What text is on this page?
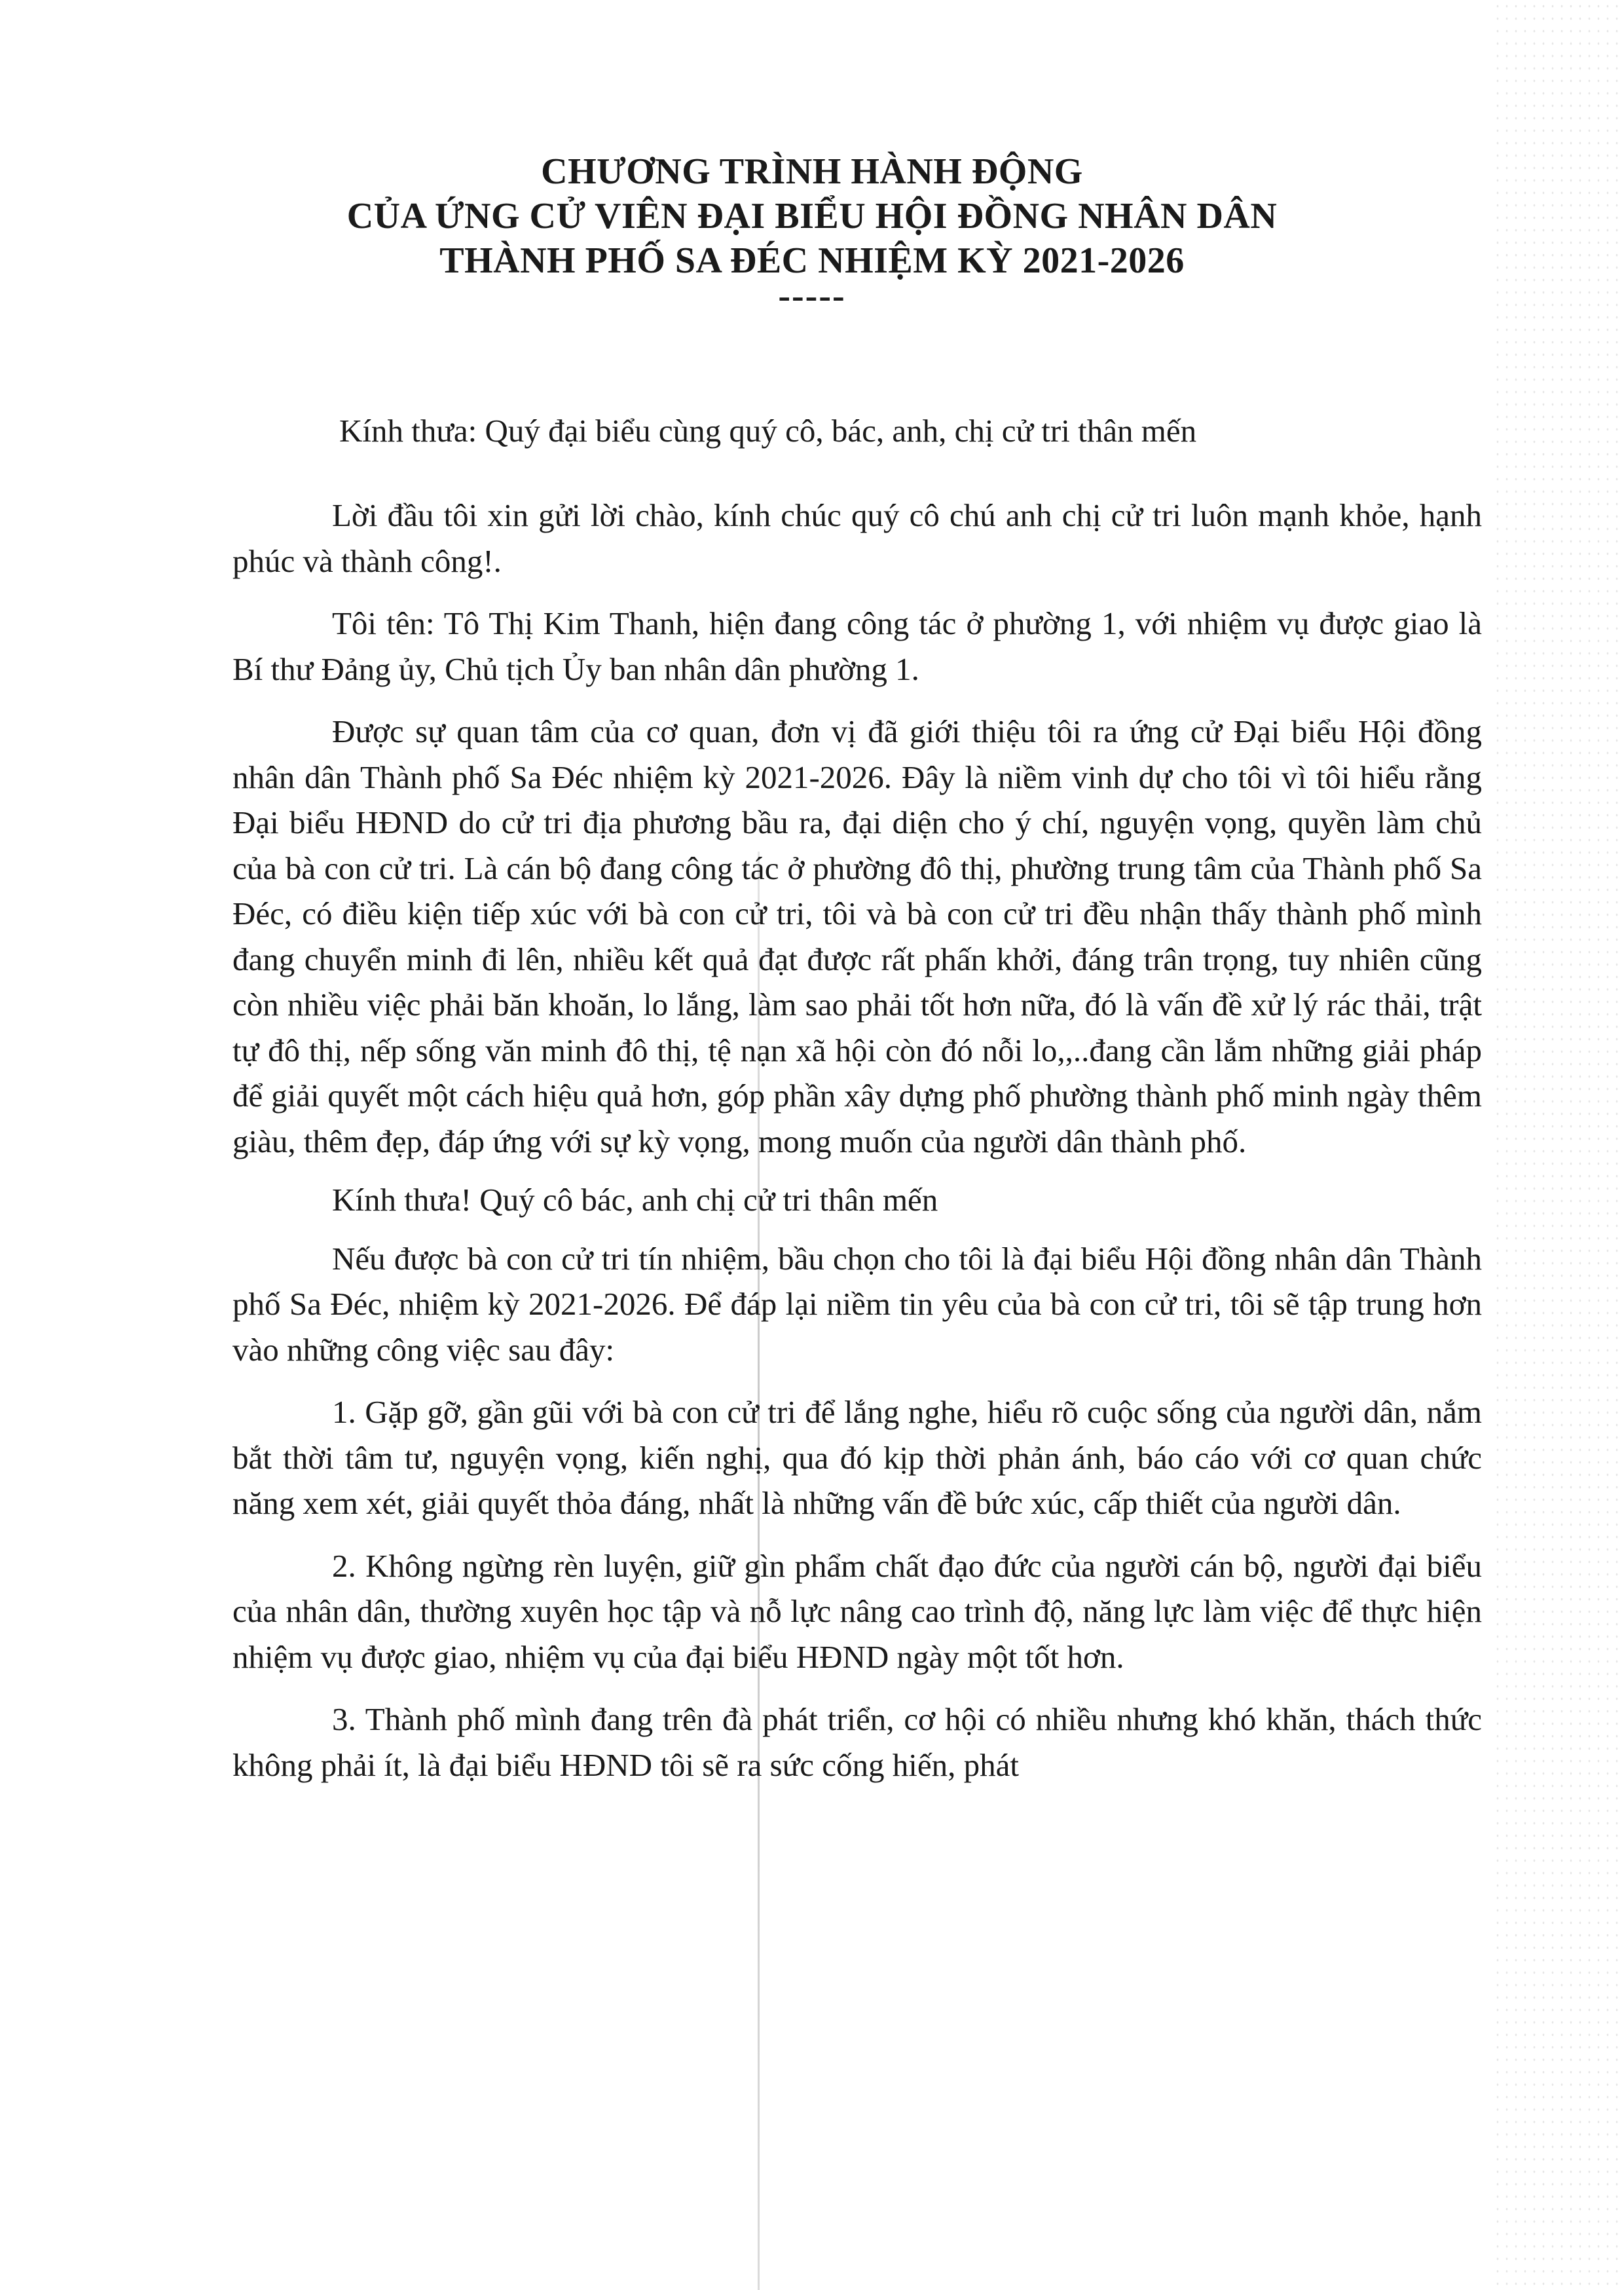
CHƯƠNG TRÌNH HÀNH ĐỘNG

CỦA ỨNG CỬ VIÊN ĐẠI BIỂU HỘI ĐỒNG NHÂN DÂN

THÀNH PHỐ SA ĐÉC NHIỆM KỲ 2021-2026

-----

Kính thưa: Quý đại biểu cùng quý cô, bác, anh, chị cử tri thân mến

Lời đầu tôi xin gửi lời chào, kính chúc quý cô chú anh chị cử tri luôn mạnh khỏe, hạnh phúc và thành công!.

Tôi tên: Tô Thị Kim Thanh, hiện đang công tác ở phường 1, với nhiệm vụ được giao là Bí thư Đảng ủy, Chủ tịch Ủy ban nhân dân phường 1.

Được sự quan tâm của cơ quan, đơn vị đã giới thiệu tôi ra ứng cử Đại biểu Hội đồng nhân dân Thành phố Sa Đéc nhiệm kỳ 2021-2026. Đây là niềm vinh dự cho tôi vì tôi hiểu rằng Đại biểu HĐND do cử tri địa phương bầu ra, đại diện cho ý chí, nguyện vọng, quyền làm chủ của bà con cử tri. Là cán bộ đang công tác ở phường đô thị, phường trung tâm của Thành phố Sa Đéc, có điều kiện tiếp xúc với bà con cử tri, tôi và bà con cử tri đều nhận thấy thành phố mình đang chuyển minh đi lên, nhiều kết quả đạt được rất phấn khởi, đáng trân trọng, tuy nhiên cũng còn nhiều việc phải băn khoăn, lo lắng, làm sao phải tốt hơn nữa, đó là vấn đề xử lý rác thải, trật tự đô thị, nếp sống văn minh đô thị, tệ nạn xã hội còn đó nỗi lo,,..đang cần lắm những giải pháp để giải quyết một cách hiệu quả hơn, góp phần xây dựng phố phường thành phố minh ngày thêm giàu, thêm đẹp, đáp ứng với sự kỳ vọng, mong muốn của người dân thành phố.

Kính thưa! Quý cô bác, anh chị cử tri thân mến

Nếu được bà con cử tri tín nhiệm, bầu chọn cho tôi là đại biểu Hội đồng nhân dân Thành phố Sa Đéc, nhiệm kỳ 2021-2026. Để đáp lại niềm tin yêu của bà con cử tri, tôi sẽ tập trung hơn vào những công việc sau đây:

1. Gặp gỡ, gần gũi với bà con cử tri để lắng nghe, hiểu rõ cuộc sống của người dân, nắm bắt thời tâm tư, nguyện vọng, kiến nghị, qua đó kịp thời phản ánh, báo cáo với cơ quan chức năng xem xét, giải quyết thỏa đáng, nhất là những vấn đề bức xúc, cấp thiết của người dân.

2. Không ngừng rèn luyện, giữ gìn phẩm chất đạo đức của người cán bộ, người đại biểu của nhân dân, thường xuyên học tập và nỗ lực nâng cao trình độ, năng lực làm việc để thực hiện nhiệm vụ được giao, nhiệm vụ của đại biểu HĐND ngày một tốt hơn.

3. Thành phố mình đang trên đà phát triển, cơ hội có nhiều nhưng khó khăn, thách thức không phải ít, là đại biểu HĐND tôi sẽ ra sức cống hiến, phát
